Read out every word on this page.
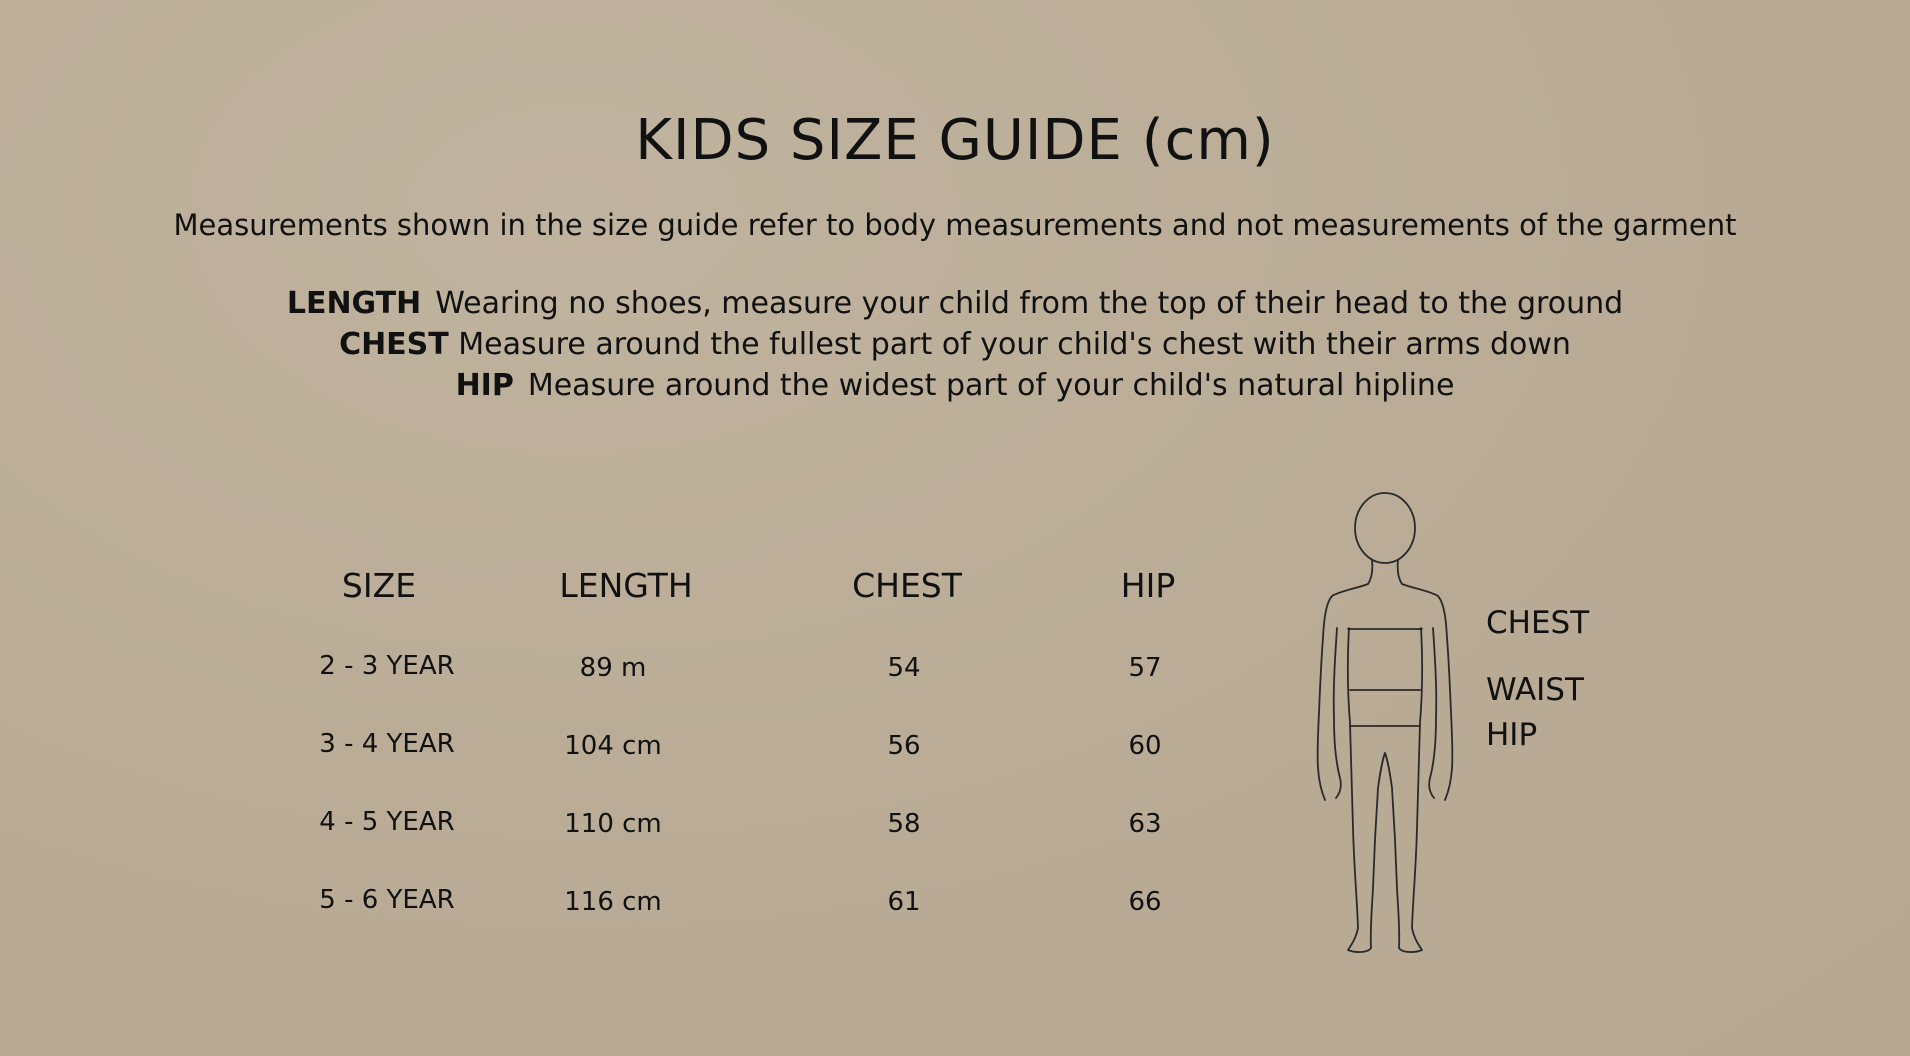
KIDS SIZE GUIDE (cm)
Measurements shown in the size guide refer to body measurements and not measurements of the garment
LENGTH Wearing no shoes, measure your child from the top of their head to the ground
CHEST Measure around the fullest part of your child's chest with their arms down
HIP Measure around the widest part of your child's natural hipline
SIZE	LENGTH	CHEST	HIP
2 - 3 YEAR	89 m	54	57
3 - 4 YEAR	104 cm	56	60
4 - 5 YEAR	110 cm	58	63
5 - 6 YEAR	116 cm	61	66
CHEST
WAIST
HIP
